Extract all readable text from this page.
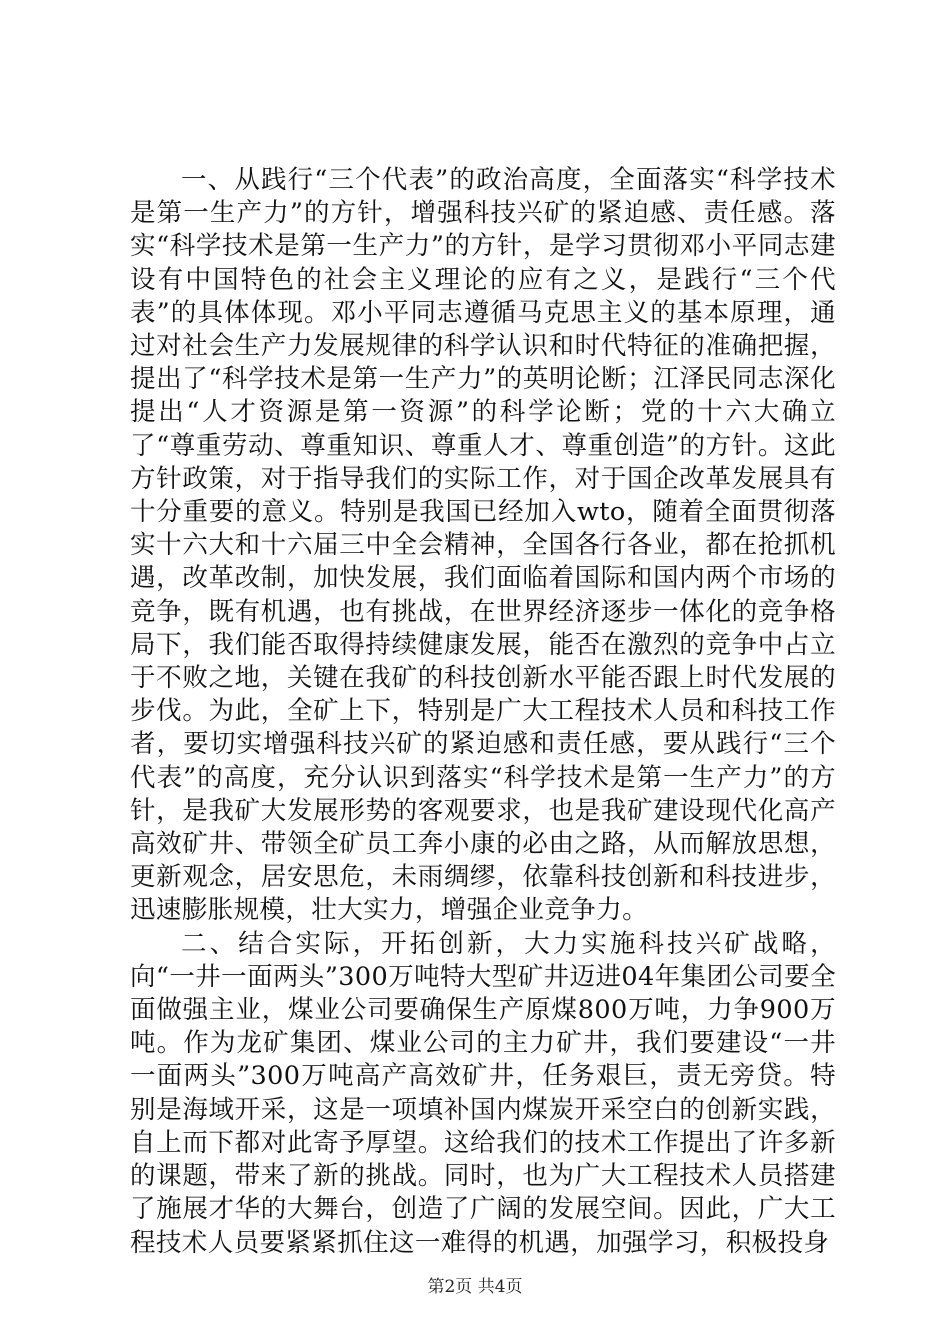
一、从践行“三个代表”的政治高度，全面落实“科学技术是第一生产力”的方针，增强科技兴矿的紧迫感、责任感。落实“科学技术是第一生产力”的方针，是学习贯彻邓小平同志建设有中国特色的社会主义理论的应有之义，是践行“三个代表”的具体体现。邓小平同志遵循马克思主义的基本原理，通过对社会生产力发展规律的科学认识和时代特征的准确把握，提出了“科学技术是第一生产力”的英明论断；江泽民同志深化提出“人才资源是第一资源”的科学论断；党的十六大确立了“尊重劳动、尊重知识、尊重人才、尊重创造”的方针。这此方针政策，对于指导我们的实际工作，对于国企改革发展具有十分重要的意义。特别是我国已经加入wto，随着全面贯彻落实十六大和十六届三中全会精神，全国各行各业，都在抢抓机遇，改革改制，加快发展，我们面临着国际和国内两个市场的竞争，既有机遇，也有挑战，在世界经济逐步一体化的竞争格局下，我们能否取得持续健康发展，能否在激烈的竞争中占立于不败之地，关键在我矿的科技创新水平能否跟上时代发展的步伐。为此，全矿上下，特别是广大工程技术人员和科技工作者，要切实增强科技兴矿的紧迫感和责任感，要从践行“三个代表”的高度，充分认识到落实“科学技术是第一生产力”的方针，是我矿大发展形势的客观要求，也是我矿建设现代化高产高效矿井、带领全矿员工奔小康的必由之路，从而解放思想，更新观念，居安思危，未雨绸缪，依靠科技创新和科技进步，迅速膨胀规模，壮大实力，增强企业竞争力。

二、结合实际，开拓创新，大力实施科技兴矿战略，向“一井一面两头”300万吨特大型矿井迈进04年集团公司要全面做强主业，煤业公司要确保生产原煤800万吨，力争900万吨。作为龙矿集团、煤业公司的主力矿井，我们要建设“一井一面两头”300万吨高产高效矿井，任务艰巨，责无旁贷。特别是海域开采，这是一项填补国内煤炭开采空白的创新实践，自上而下都对此寄予厚望。这给我们的技术工作提出了许多新的课题，带来了新的挑战。同时，也为广大工程技术人员搭建了施展才华的大舞台，创造了广阔的发展空间。因此，广大工程技术人员要紧紧抓住这一难得的机遇，加强学习，积极投身

第2页 共4页
